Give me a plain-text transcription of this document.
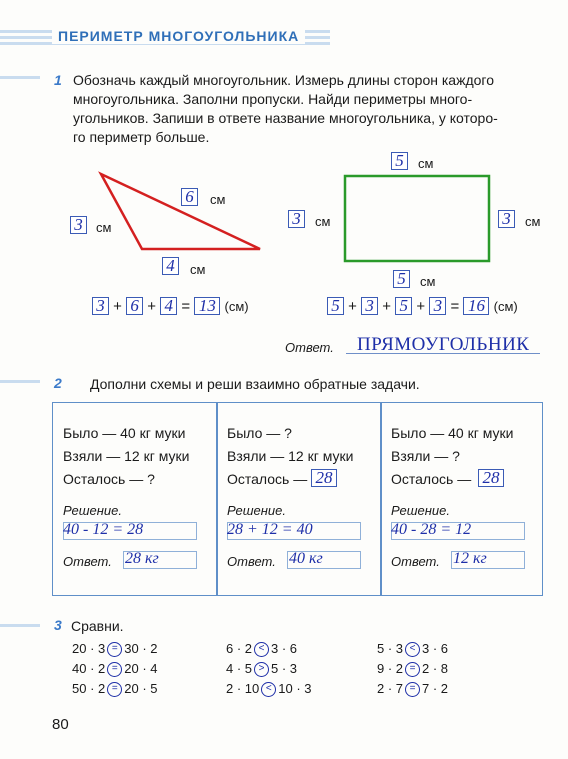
ПЕРИМЕТР МНОГОУГОЛЬНИКА
1 Обозначь каждый многоугольник. Измерь длины сторон каждого
многоугольника. Заполни пропуски. Найди периметры много-
угольников. Запиши в ответе название многоугольника, у которо-
го периметр больше.
6	см
3	см
4	см
5	см
3	см	3	см
5	см
3 + 6 + 4 = 13 (см)	5 + 3 + 5 + 3 = 16 (см)
Ответ. ПРЯМОУГОЛЬНИК
2 Дополни схемы и реши взаимно обратные задачи.
Было — 40 кг муки
Взяли — 12 кг муки
Осталось — ?
Решение.
40 - 12 = 28
Ответ. 28 кг
Было — ?
Взяли — 12 кг муки
Осталось — 28
Решение.
28 + 12 = 40
Ответ. 40 кг
Было — 40 кг муки
Взяли — ?
Осталось — 28
Решение.
40 - 28 = 12
Ответ. 12 кг
3 Сравни.
20 · 3 = 30 · 2	6 · 2 < 3 · 6	5 · 3 < 3 · 6
40 · 2 = 20 · 4	4 · 5 > 5 · 3	9 · 2 = 2 · 8
50 · 2 = 20 · 5	2 · 10 < 10 · 3	2 · 7 = 7 · 2
80
